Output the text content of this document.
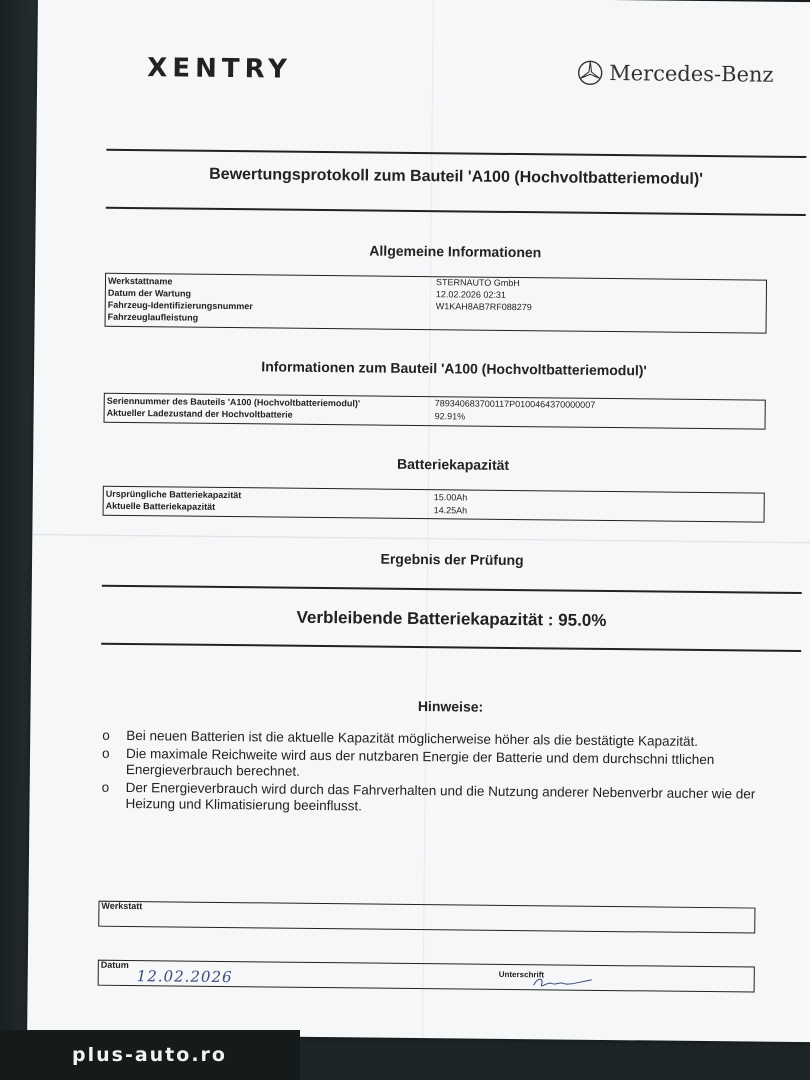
XENTRY	Mercedes-Benz
Bewertungsprotokoll zum Bauteil 'A100 (Hochvoltbatteriemodul)'
Allgemeine Informationen
Werkstattname	STERNAUTO GmbH
Datum der Wartung	12.02.2026 02:31
Fahrzeug-Identifizierungsnummer	W1KAH8AB7RF088279
Fahrzeuglaufleistung
Informationen zum Bauteil 'A100 (Hochvoltbatteriemodul)'
Seriennummer des Bauteils 'A100 (Hochvoltbatteriemodul)'	789340683700117P0100464370000007
Aktueller Ladezustand der Hochvoltbatterie	92.91%
Batteriekapazität
Ursprüngliche Batteriekapazität	15.00Ah
Aktuelle Batteriekapazität	14.25Ah
Ergebnis der Prüfung
Verbleibende Batteriekapazität : 95.0%
Hinweise:
o Bei neuen Batterien ist die aktuelle Kapazität möglicherweise höher als die bestätigte Kapazität.
o Die maximale Reichweite wird aus der nutzbaren Energie der Batterie und dem durchschni ttlichen Energieverbrauch berechnet.
o Der Energieverbrauch wird durch das Fahrverhalten und die Nutzung anderer Nebenverbr aucher wie der Heizung und Klimatisierung beeinflusst.
Werkstatt
Datum
12.02.2026	Unterschrift
plus-auto.ro
